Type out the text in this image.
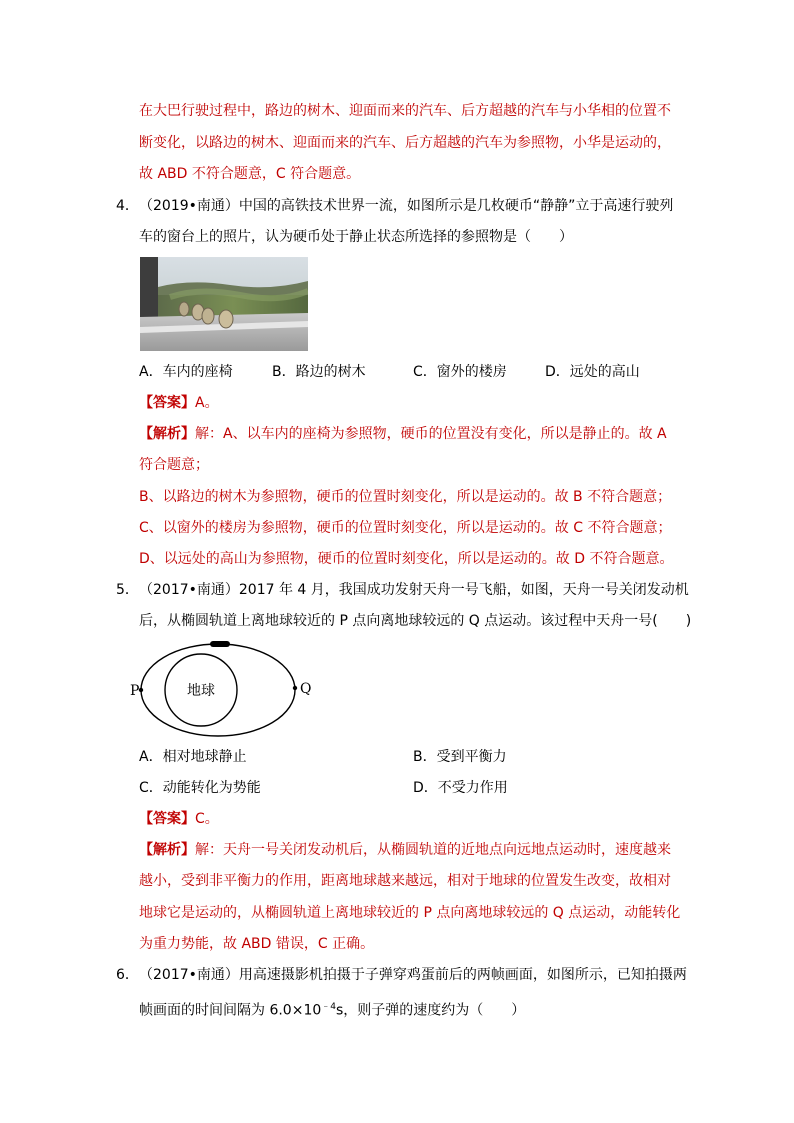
在大巴行驶过程中，路边的树木、迎面而来的汽车、后方超越的汽车与小华相的位置不
断变化，以路边的树木、迎面而来的汽车、后方超越的汽车为参照物，小华是运动的，
故 ABD 不符合题意，C 符合题意。
4． （2019•南通）中国的高铁技术世界一流，如图所示是几枚硬币“静静”立于高速行驶列
车的窗台上的照片，认为硬币处于静止状态所选择的参照物是（　　）
A．车内的座椅	B．路边的树木	C．窗外的楼房	D．远处的高山
【答案】A。
【解析】解：A、以车内的座椅为参照物，硬币的位置没有变化，所以是静止的。故 A
符合题意；
B、以路边的树木为参照物，硬币的位置时刻变化，所以是运动的。故 B 不符合题意；
C、以窗外的楼房为参照物，硬币的位置时刻变化，所以是运动的。故 C 不符合题意；
D、以远处的高山为参照物，硬币的位置时刻变化，所以是运动的。故 D 不符合题意。
5． （2017•南通）2017 年 4 月，我国成功发射天舟一号飞船，如图，天舟一号关闭发动机
后，从椭圆轨道上离地球较近的 P 点向离地球较远的 Q 点运动。该过程中天舟一号(　　)
地球
P	Q
A．相对地球静止	B．受到平衡力
C．动能转化为势能	D．不受力作用
【答案】C。
【解析】解：天舟一号关闭发动机后，从椭圆轨道的近地点向远地点运动时，速度越来
越小，受到非平衡力的作用，距离地球越来越远，相对于地球的位置发生改变，故相对
地球它是运动的，从椭圆轨道上离地球较近的 P 点向离地球较远的 Q 点运动，动能转化
为重力势能，故 ABD 错误，C 正确。
6． （2017•南通）用高速摄影机拍摄于子弹穿鸡蛋前后的两帧画面，如图所示，已知拍摄两
帧画面的时间间隔为 $6.0\times 10^{﹣4}s$，则子弹的速度约为（　　）
